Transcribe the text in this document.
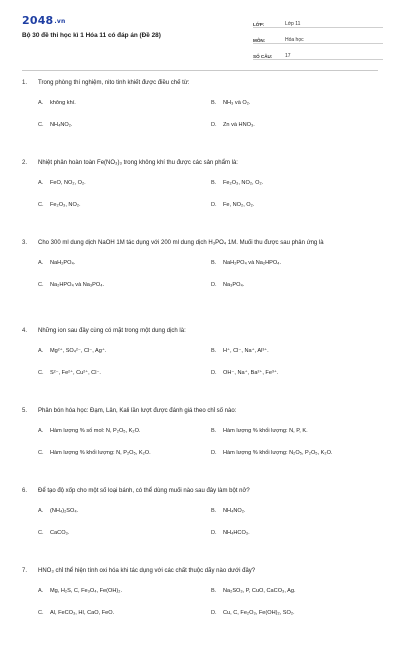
2048.vn
Bộ 30 đề thi học kì 1 Hóa 11 có đáp án (Đề 28)
LỚP:	Lớp 11
MÔN:	Hóa học
SỐ CÂU:	17
1. Trong phòng thí nghiệm, nito tinh khiết được điều chế từ:
A. không khí.	B. NH₃ và O₂.
C. NH₄NO₂.	D. Zn và HNO₃.
2. Nhiệt phân hoàn toàn Fe(NO₃)₃ trong không khí thu được các sản phẩm là:
A. FeO, NO₂, O₂.	B. Fe₂O₃, NO₂, O₂.
C. Fe₂O₃, NO₂.	D. Fe, NO₂, O₂.
3. Cho 300 ml dung dịch NaOH 1M tác dụng với 200 ml dung dịch H₃PO₄ 1M. Muối thu được sau phản ứng là
A. NaH₂PO₄.	B. NaH₂PO₄ và Na₂HPO₄.
C. Na₂HPO₄ và Na₃PO₄.	D. Na₃PO₄.
4. Những ion sau đây cùng có mặt trong một dung dịch là:
A. Mg²⁺, SO₄²⁻, Cl⁻, Ag⁺.	B. H⁺, Cl⁻, Na⁺, Al³⁺.
C. S²⁻, Fe²⁺, Cu²⁺, Cl⁻.	D. OH⁻, Na⁺, Ba²⁺, Fe³⁺.
5. Phân bón hóa học: Đạm, Lân, Kali lần lượt được đánh giá theo chỉ số nào:
A. Hàm lượng % số mol: N, P₂O₅, K₂O.	B. Hàm lượng % khối lượng: N, P, K.
C. Hàm lượng % khối lượng: N, P₂O₅, K₂O.	D. Hàm lượng % khối lượng: N₂O₅, P₂O₅, K₂O.
6. Để tạo độ xốp cho một số loại bánh, có thể dùng muối nào sau đây làm bột nở?
A. (NH₄)₂SO₄.	B. NH₄NO₂.
C. CaCO₃.	D. NH₄HCO₃.
7. HNO₃ chỉ thể hiện tính oxi hóa khi tác dụng với các chất thuộc dãy nào dưới đây?
A. Mg, H₂S, C, Fe₃O₄, Fe(OH)₂.	B. Na₂SO₃, P, CuO, CaCO₃, Ag.
C. Al, FeCO₃, HI, CaO, FeO.	D. Cu, C, Fe₂O₃, Fe(OH)₂, SO₂.
